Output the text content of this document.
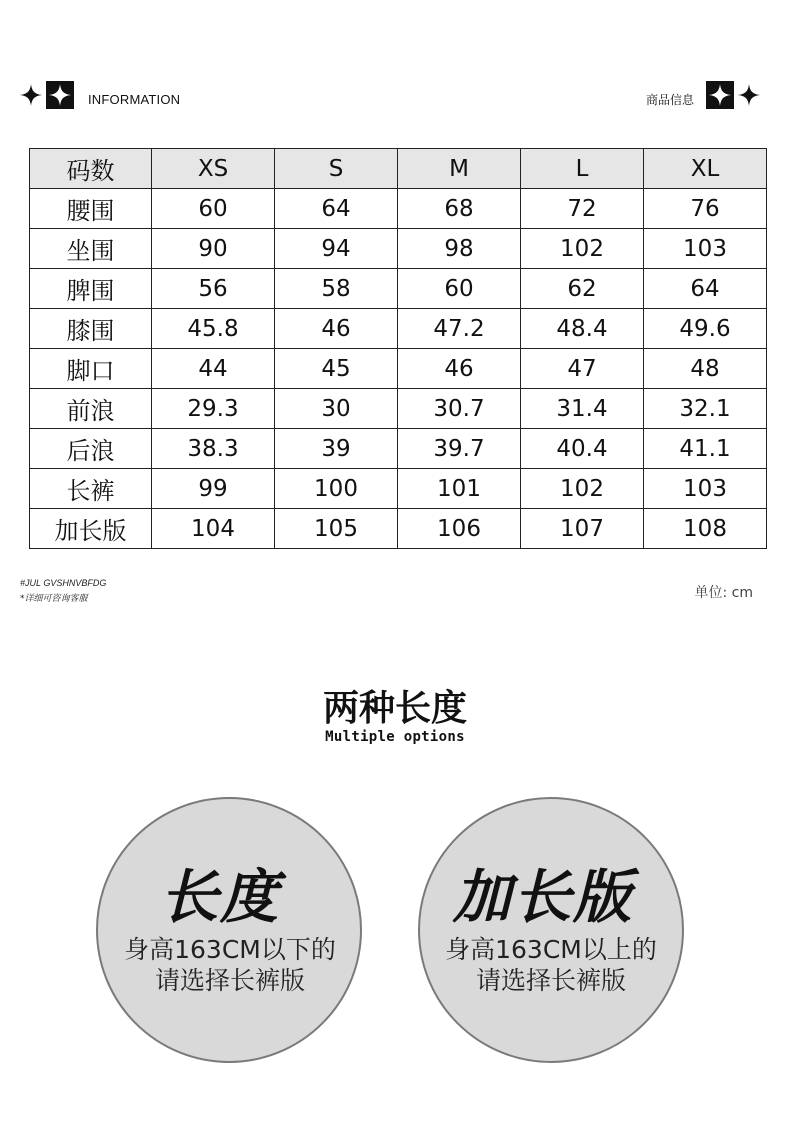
INFORMATION	商品信息
码数	XS	S	M	L	XL
腰围	60	64	68	72	76
坐围	90	94	98	102	103
脾围	56	58	60	62	64
膝围	45.8	46	47.2	48.4	49.6
脚口	44	45	46	47	48
前浪	29.3	30	30.7	31.4	32.1
后浪	38.3	39	39.7	40.4	41.1
长裤	99	100	101	102	103
加长版	104	105	106	107	108
#JUL GVSHNVBFDG
*详细可咨询客服	单位: cm
两种长度
Multiple options
长度
身高163CM以下的
请选择长裤版
加长版
身高163CM以上的
请选择长裤版
